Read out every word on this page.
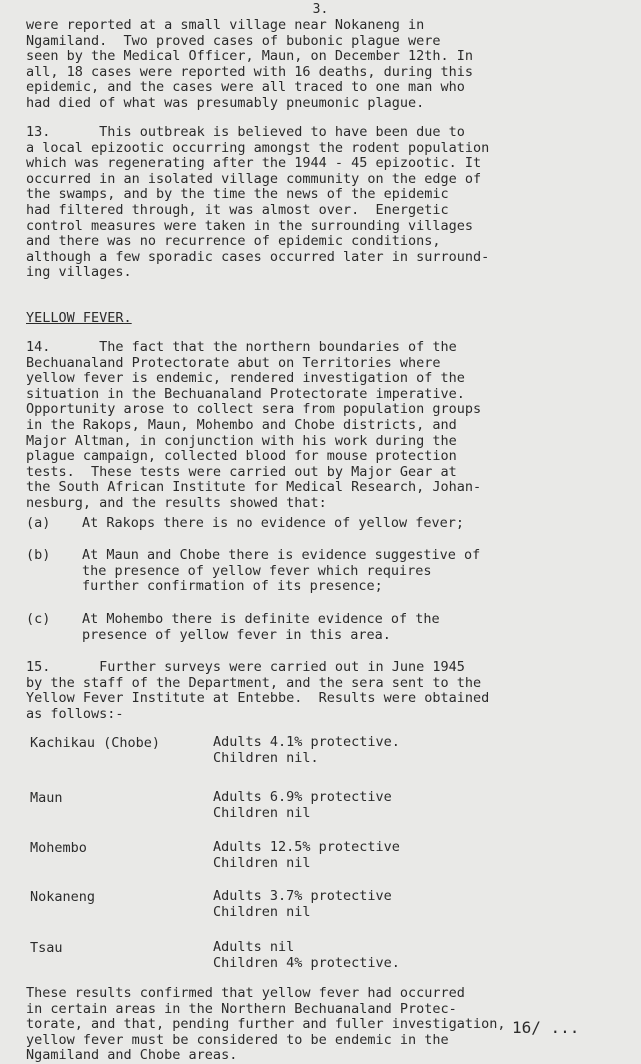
3.

were reported at a small village near Nokaneng in
Ngamiland.  Two proved cases of bubonic plague were
seen by the Medical Officer, Maun, on December 12th. In
all, 18 cases were reported with 16 deaths, during this
epidemic, and the cases were all traced to one man who
had died of what was presumably pneumonic plague.

13.      This outbreak is believed to have been due to
a local epizootic occurring amongst the rodent population
which was regenerating after the 1944 - 45 epizootic. It
occurred in an isolated village community on the edge of
the swamps, and by the time the news of the epidemic
had filtered through, it was almost over.  Energetic
control measures were taken in the surrounding villages
and there was no recurrence of epidemic conditions,
although a few sporadic cases occurred later in surround-
ing villages.

YELLOW FEVER.

14.      The fact that the northern boundaries of the
Bechuanaland Protectorate abut on Territories where
yellow fever is endemic, rendered investigation of the
situation in the Bechuanaland Protectorate imperative.
Opportunity arose to collect sera from population groups
in the Rakops, Maun, Mohembo and Chobe districts, and
Major Altman, in conjunction with his work during the
plague campaign, collected blood for mouse protection
tests.  These tests were carried out by Major Gear at
the South African Institute for Medical Research, Johan-
nesburg, and the results showed that:

(a) At Rakops there is no evidence of yellow fever;

(b) At Maun and Chobe there is evidence suggestive of
the presence of yellow fever which requires
further confirmation of its presence;

(c) At Mohembo there is definite evidence of the
presence of yellow fever in this area.

15.      Further surveys were carried out in June 1945
by the staff of the Department, and the sera sent to the
Yellow Fever Institute at Entebbe.  Results were obtained
as follows:-

Kachikau (Chobe)	Adults 4.1% protective.
Children nil.

Maun	Adults 6.9% protective
Children nil

Mohembo	Adults 12.5% protective
Children nil

Nokaneng	Adults 3.7% protective
Children nil

Tsau	Adults nil
Children 4% protective.

These results confirmed that yellow fever had occurred
in certain areas in the Northern Bechuanaland Protec-
torate, and that, pending further and fuller investigation,
yellow fever must be considered to be endemic in the
Ngamiland and Chobe areas.

16/ ...
